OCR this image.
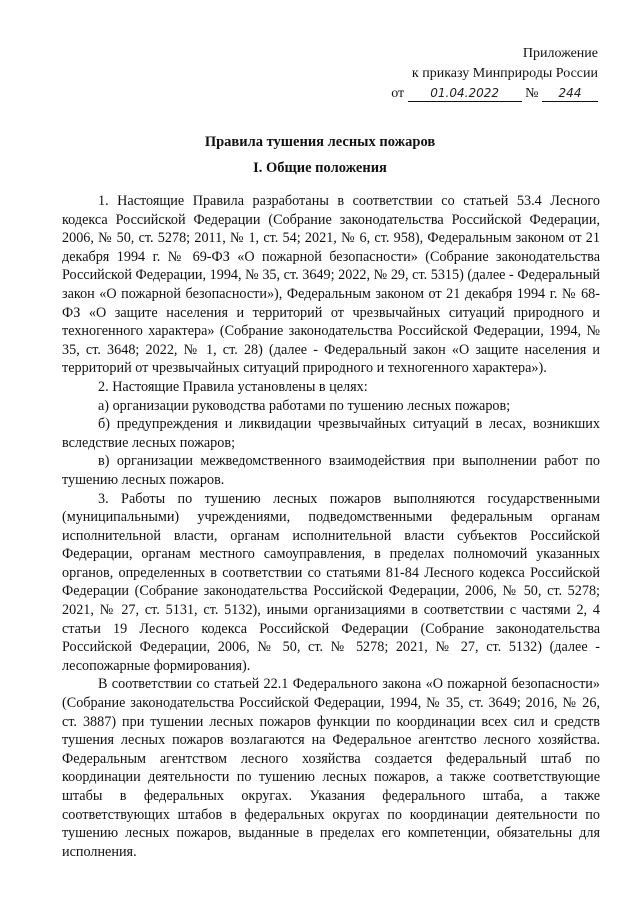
Приложение
к приказу Минприроды России
от 01.04.2022 № 244
Правила тушения лесных пожаров
I. Общие положения

1. Настоящие Правила разработаны в соответствии со статьей 53.4 Лесного кодекса Российской Федерации (Собрание законодательства Российской Федерации, 2006, № 50, ст. 5278; 2011, № 1, ст. 54; 2021, № 6, ст. 958), Федеральным законом от 21 декабря 1994 г. № 69-ФЗ «О пожарной безопасности» (Собрание законодательства Российской Федерации, 1994, № 35, ст. 3649; 2022, № 29, ст. 5315) (далее - Федеральный закон «О пожарной безопасности»), Федеральным законом от 21 декабря 1994 г. № 68-ФЗ «О защите населения и территорий от чрезвычайных ситуаций природного и техногенного характера» (Собрание законодательства Российской Федерации, 1994, № 35, ст. 3648; 2022, № 1, ст. 28) (далее - Федеральный закон «О защите населения и территорий от чрезвычайных ситуаций природного и техногенного характера»).

2. Настоящие Правила установлены в целях:

а) организации руководства работами по тушению лесных пожаров;

б) предупреждения и ликвидации чрезвычайных ситуаций в лесах, возникших вследствие лесных пожаров;

в) организации межведомственного взаимодействия при выполнении работ по тушению лесных пожаров.

3. Работы по тушению лесных пожаров выполняются государственными (муниципальными) учреждениями, подведомственными федеральным органам исполнительной власти, органам исполнительной власти субъектов Российской Федерации, органам местного самоуправления, в пределах полномочий указанных органов, определенных в соответствии со статьями 81-84 Лесного кодекса Российской Федерации (Собрание законодательства Российской Федерации, 2006, № 50, ст. 5278; 2021, № 27, ст. 5131, ст. 5132), иными организациями в соответствии с частями 2, 4 статьи 19 Лесного кодекса Российской Федерации (Собрание законодательства Российской Федерации, 2006, № 50, ст. № 5278; 2021, № 27, ст. 5132) (далее - лесопожарные формирования).

В соответствии со статьей 22.1 Федерального закона «О пожарной безопасности» (Собрание законодательства Российской Федерации, 1994, № 35, ст. 3649; 2016, № 26, ст. 3887) при тушении лесных пожаров функции по координации всех сил и средств тушения лесных пожаров возлагаются на Федеральное агентство лесного хозяйства. Федеральным агентством лесного хозяйства создается федеральный штаб по координации деятельности по тушению лесных пожаров, а также соответствующие штабы в федеральных округах. Указания федерального штаба, а также соответствующих штабов в федеральных округах по координации деятельности по тушению лесных пожаров, выданные в пределах его компетенции, обязательны для исполнения.
